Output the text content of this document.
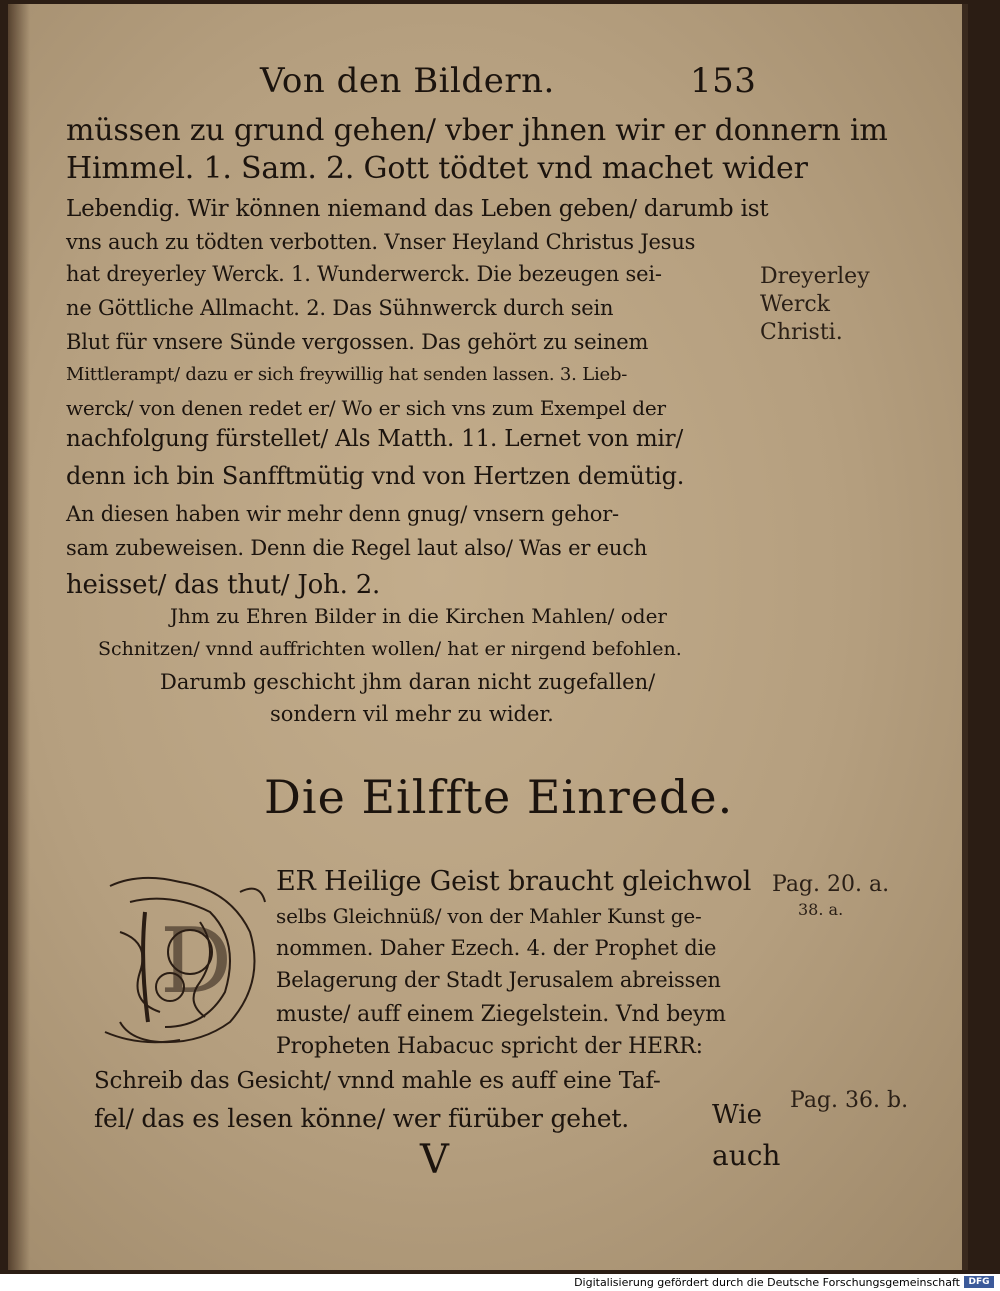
Von den Bildern.	153
müssen zu grund gehen/ vber jhnen wir er donnern im
Himmel. 1. Sam. 2. Gott tödtet vnd machet wider
Lebendig. Wir können niemand das Leben geben/ darumb ist
vns auch zu tödten verbotten. Vnser Heyland Christus Jesus
hat dreyerley Werck. 1. Wunderwerck. Die bezeugen sei-
ne Göttliche Allmacht. 2. Das Sühnwerck durch sein
Blut für vnsere Sünde vergossen. Das gehört zu seinem
Mittlerampt/ dazu er sich freywillig hat senden lassen. 3. Lieb-
werck/ von denen redet er/ Wo er sich vns zum Exempel der
nachfolgung fürstellet/ Als Matth. 11. Lernet von mir/
denn ich bin Sanfftmütig vnd von Hertzen demütig.
An diesen haben wir mehr denn gnug/ vnsern gehor-
sam zubeweisen. Denn die Regel laut also/ Was er euch
heisset/ das thut/ Joh. 2.
Jhm zu Ehren Bilder in die Kirchen Mahlen/ oder
Schnitzen/ vnnd auffrichten wollen/ hat er nirgend befohlen.
Darumb geschicht jhm daran nicht zugefallen/
sondern vil mehr zu wider.
Dreyerley
Werck
Christi.
Die Eilffte Einrede.
D
ER Heilige Geist braucht gleichwol
selbs Gleichnüß/ von der Mahler Kunst ge-
nommen. Daher Ezech. 4. der Prophet die
Belagerung der Stadt Jerusalem abreissen
muste/ auff einem Ziegelstein. Vnd beym
Propheten Habacuc spricht der HERR:
Schreib das Gesicht/ vnnd mahle es auff eine Taf-
fel/ das es lesen könne/ wer fürüber gehet.
Pag. 20. a.
38. a.
Pag. 36. b.
V
Wie
auch
Digitalisierung gefördert durch die Deutsche Forschungsgemeinschaft DFG
